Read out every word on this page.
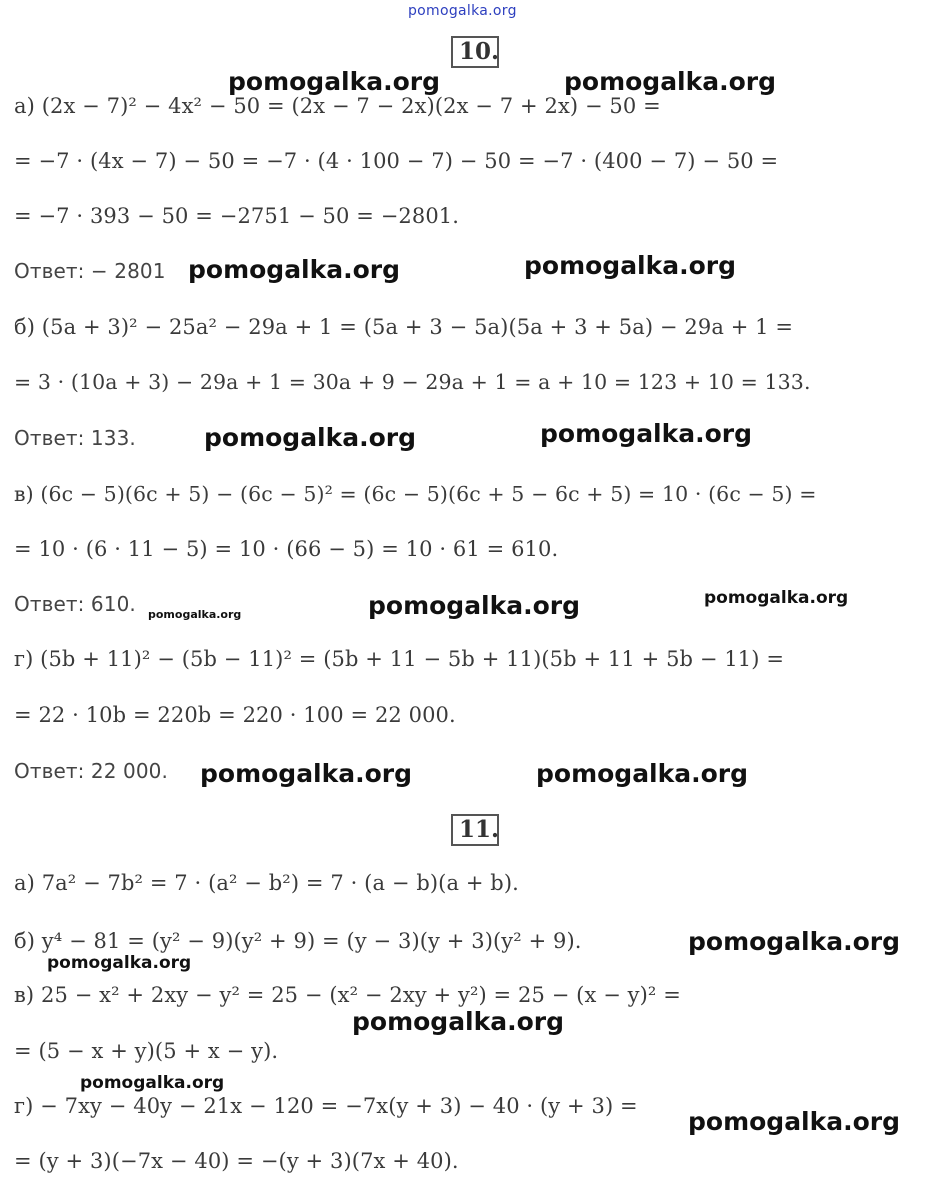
pomogalka.org
10 .
а) (2x − 7)² − 4x² − 50 = (2x − 7 − 2x)(2x − 7 + 2x) − 50 =
= −7 · (4x − 7) − 50 = −7 · (4 · 100 − 7) − 50 = −7 · (400 − 7) − 50 =
= −7 · 393 − 50 = −2751 − 50 = −2801.
Ответ: − 2801
б) (5a + 3)² − 25a² − 29a + 1 = (5a + 3 − 5a)(5a + 3 + 5a) − 29a + 1 =
= 3 · (10a + 3) − 29a + 1 = 30a + 9 − 29a + 1 = a + 10 = 123 + 10 = 133.
Ответ: 133.
в) (6c − 5)(6c + 5) − (6c − 5)² = (6c − 5)(6c + 5 − 6c + 5) = 10 · (6c − 5) =
= 10 · (6 · 11 − 5) = 10 · (66 − 5) = 10 · 61 = 610.
Ответ: 610.
г) (5b + 11)² − (5b − 11)² = (5b + 11 − 5b + 11)(5b + 11 + 5b − 11) =
= 22 · 10b = 220b = 220 · 100 = 22 000.
Ответ: 22 000.
11 .
а) 7a² − 7b² = 7 · (a² − b²) = 7 · (a − b)(a + b).
б) y⁴ − 81 = (y² − 9)(y² + 9) = (y − 3)(y + 3)(y² + 9).
в) 25 − x² + 2xy − y² = 25 − (x² − 2xy + y²) = 25 − (x − y)² =
= (5 − x + y)(5 + x − y).
г) − 7xy − 40y − 21x − 120 = −7x(y + 3) − 40 · (y + 3) =
= (y + 3)(−7x − 40) = −(y + 3)(7x + 40).
pomogalka.org	pomogalka.org
pomogalka.org	pomogalka.org
pomogalka.org	pomogalka.org
pomogalka.org	pomogalka.org	pomogalka.org
pomogalka.org	pomogalka.org
pomogalka.org
pomogalka.org
pomogalka.org
pomogalka.org
pomogalka.org
